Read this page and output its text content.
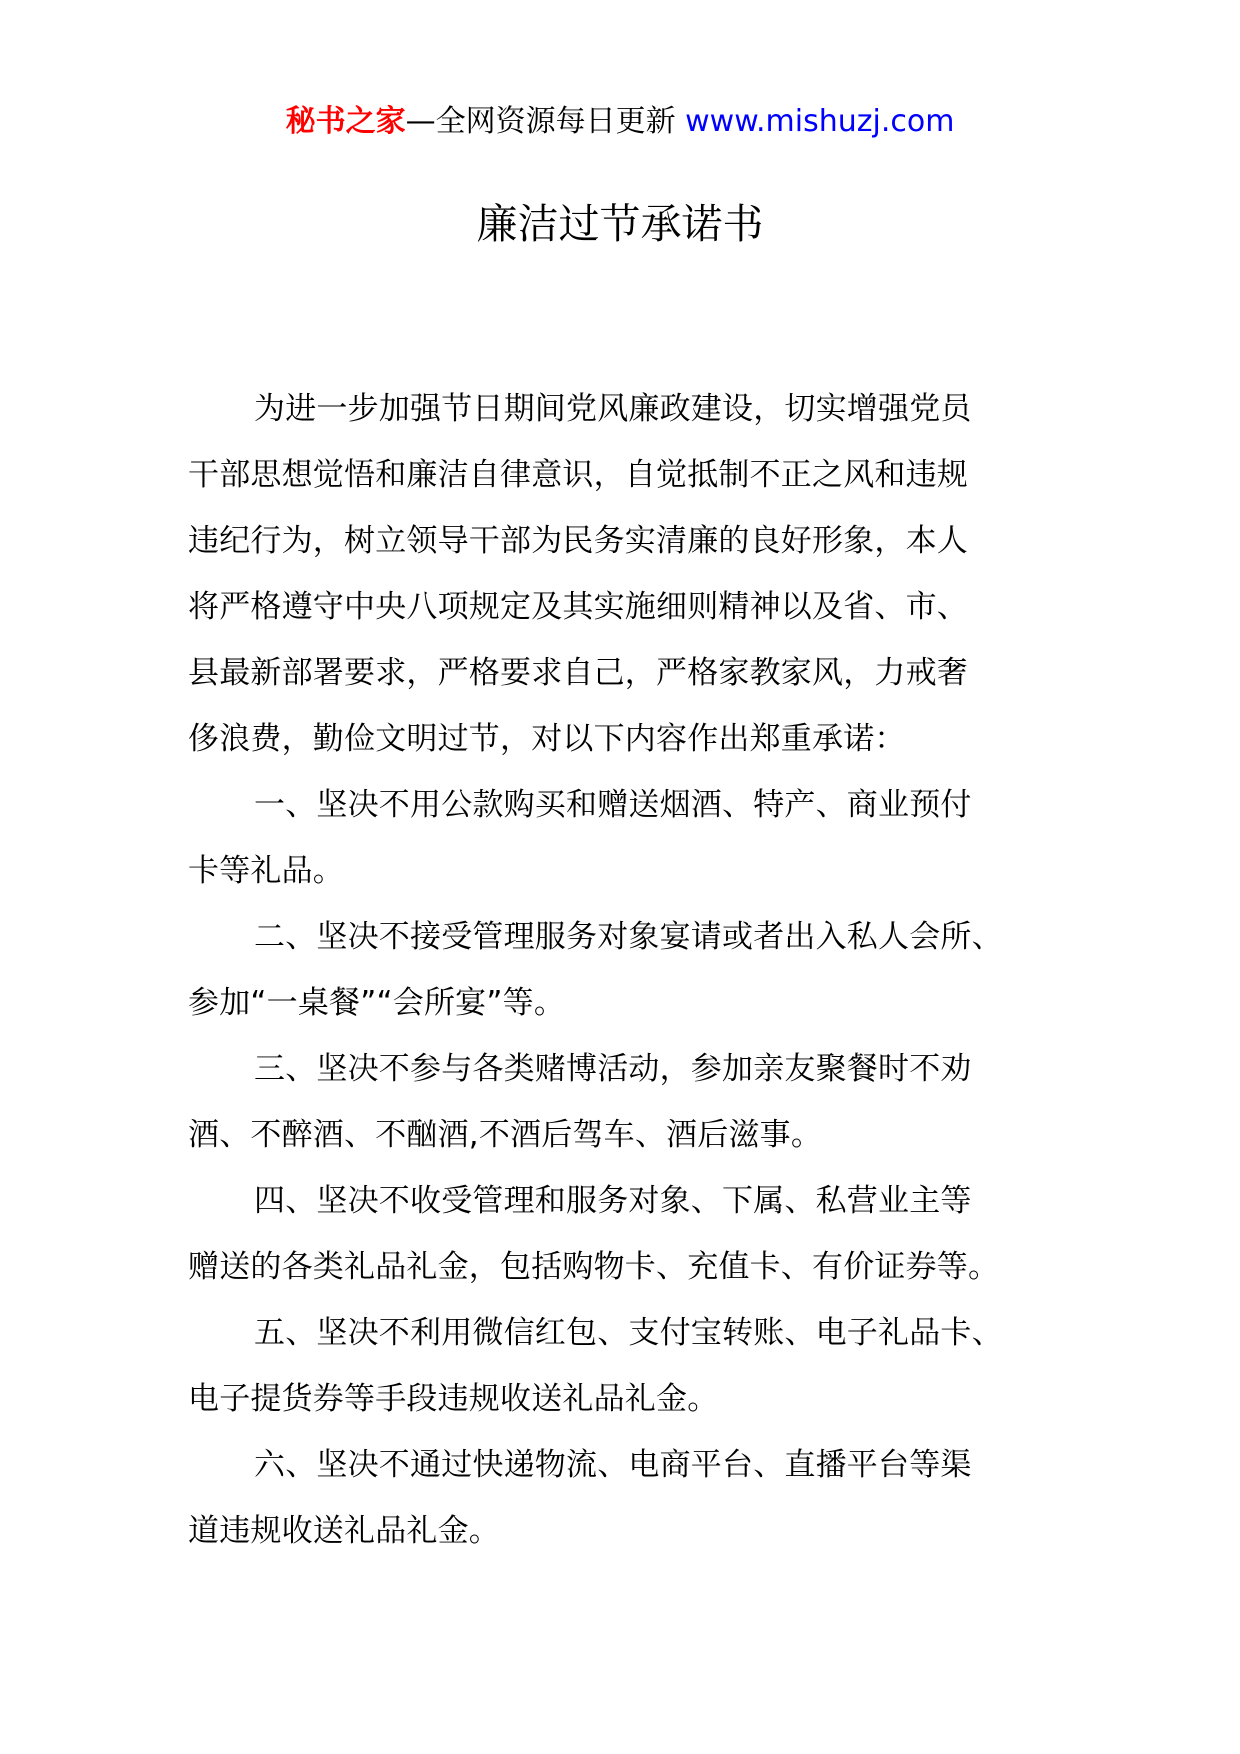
秘书之家—全网资源每日更新 www.mishuzj.com
廉洁过节承诺书
为进一步加强节日期间党风廉政建设，切实增强党员
干部思想觉悟和廉洁自律意识，自觉抵制不正之风和违规
违纪行为，树立领导干部为民务实清廉的良好形象，本人
将严格遵守中央八项规定及其实施细则精神以及省、市、
县最新部署要求，严格要求自己，严格家教家风，力戒奢
侈浪费，勤俭文明过节，对以下内容作出郑重承诺：
一、坚决不用公款购买和赠送烟酒、特产、商业预付
卡等礼品。
二、坚决不接受管理服务对象宴请或者出入私人会所、
参加“一桌餐”“会所宴”等。
三、坚决不参与各类赌博活动，参加亲友聚餐时不劝
酒、不醉酒、不酗酒,不酒后驾车、酒后滋事。
四、坚决不收受管理和服务对象、下属、私营业主等
赠送的各类礼品礼金，包括购物卡、充值卡、有价证券等。
五、坚决不利用微信红包、支付宝转账、电子礼品卡、
电子提货券等手段违规收送礼品礼金。
六、坚决不通过快递物流、电商平台、直播平台等渠
道违规收送礼品礼金。
